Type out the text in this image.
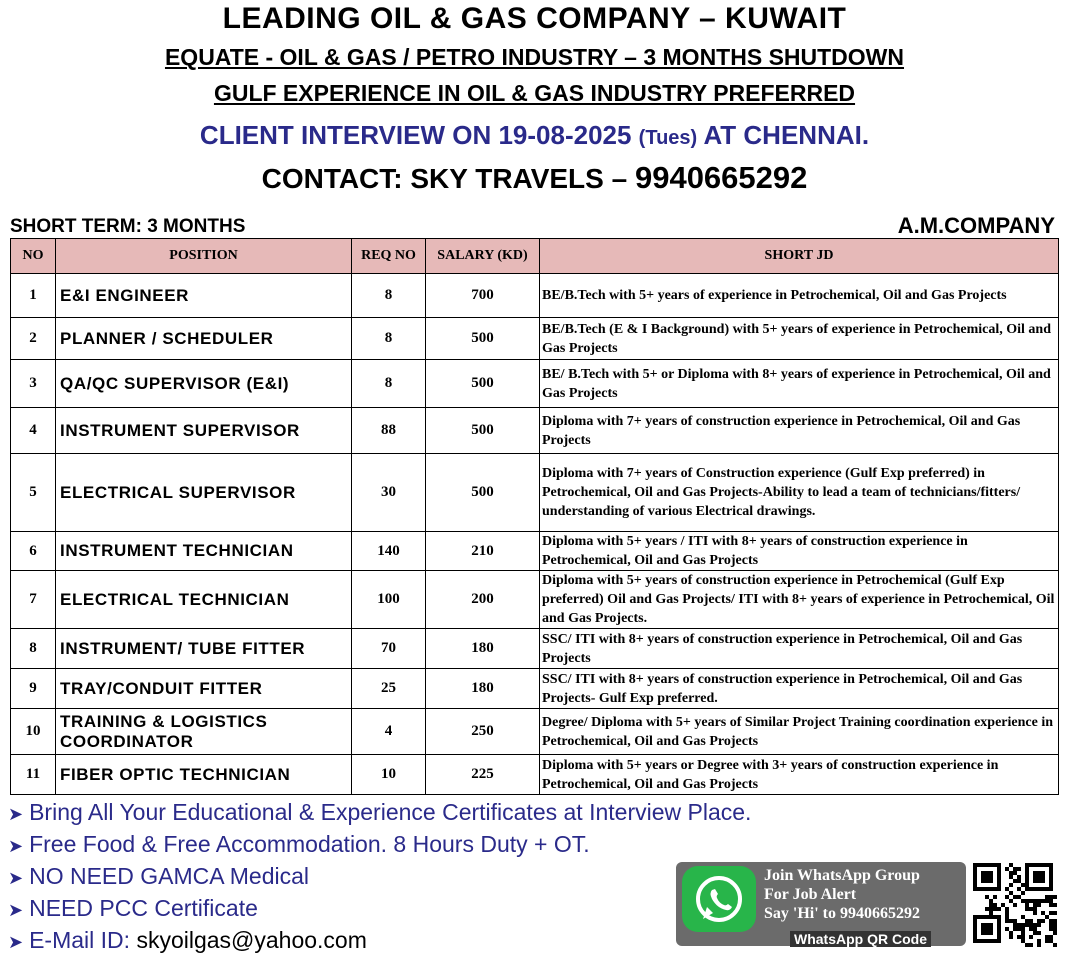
LEADING OIL & GAS COMPANY – KUWAIT
EQUATE - OIL & GAS / PETRO INDUSTRY – 3 MONTHS SHUTDOWN
GULF EXPERIENCE IN OIL & GAS INDUSTRY PREFERRED
CLIENT INTERVIEW ON 19-08-2025 (Tues) AT CHENNAI.
CONTACT: SKY TRAVELS – 9940665292
SHORT TERM: 3 MONTHS	A.M.COMPANY
NO	POSITION	REQ NO	SALARY (KD)	SHORT JD
1	E&I ENGINEER	8	700	BE/B.Tech with 5+ years of experience in Petrochemical, Oil and Gas Projects
2	PLANNER / SCHEDULER	8	500	BE/B.Tech (E & I Background) with 5+ years of experience in Petrochemical, Oil and Gas Projects
3	QA/QC SUPERVISOR (E&I)	8	500	BE/ B.Tech with 5+ or Diploma with 8+ years of experience in Petrochemical, Oil and Gas Projects
4	INSTRUMENT SUPERVISOR	88	500	Diploma with 7+ years of construction experience in Petrochemical, Oil and Gas Projects
5	ELECTRICAL SUPERVISOR	30	500	Diploma with 7+ years of Construction experience (Gulf Exp preferred) in Petrochemical, Oil and Gas Projects-Ability to lead a team of technicians/fitters/ understanding of various Electrical drawings.
6	INSTRUMENT TECHNICIAN	140	210	Diploma with 5+ years / ITI with 8+ years of construction experience in Petrochemical, Oil and Gas Projects
7	ELECTRICAL TECHNICIAN	100	200	Diploma with 5+ years of construction experience in Petrochemical (Gulf Exp preferred) Oil and Gas Projects/ ITI with 8+ years of experience in Petrochemical, Oil and Gas Projects.
8	INSTRUMENT/ TUBE FITTER	70	180	SSC/ ITI with 8+ years of construction experience in Petrochemical, Oil and Gas Projects
9	TRAY/CONDUIT FITTER	25	180	SSC/ ITI with 8+ years of construction experience in Petrochemical, Oil and Gas Projects- Gulf Exp preferred.
10	TRAINING & LOGISTICS COORDINATOR	4	250	Degree/ Diploma with 5+ years of Similar Project Training coordination experience in Petrochemical, Oil and Gas Projects
11	FIBER OPTIC TECHNICIAN	10	225	Diploma with 5+ years or Degree with 3+ years of construction experience in Petrochemical, Oil and Gas Projects
➤ Bring All Your Educational & Experience Certificates at Interview Place.
➤ Free Food & Free Accommodation. 8 Hours Duty + OT.
➤ NO NEED GAMCA Medical
➤ NEED PCC Certificate
➤ E-Mail ID: skyoilgas@yahoo.com
Join WhatsApp Group
For Job Alert
Say 'Hi' to 9940665292
WhatsApp QR Code
